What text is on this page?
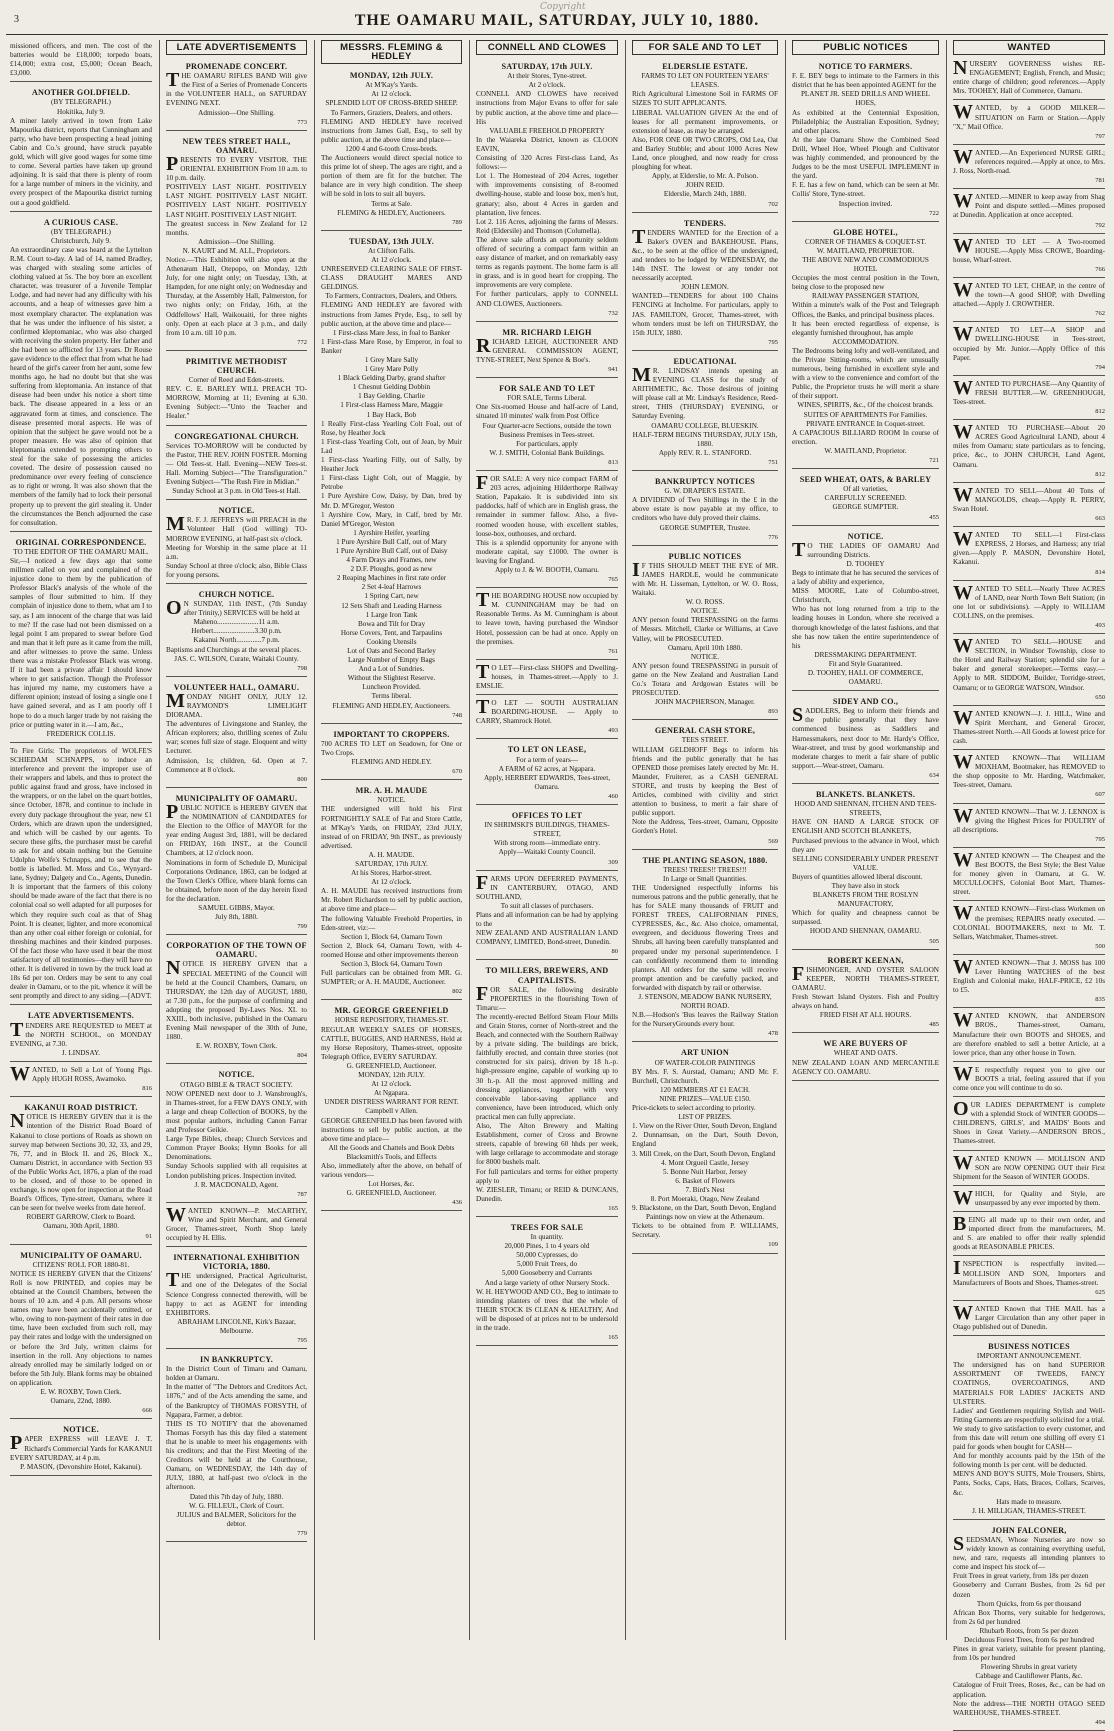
3
Copyright
THE OAMARU MAIL, SATURDAY, JULY 10, 1880.

missioned officers, and men. The cost of the batteries would be £18,000; torpedo boats, £14,000; extra cost, £5,000; Ocean Beach, £3,000.

ANOTHER GOLDFIELD.

(BY TELEGRAPH.)

Hokitika, July 9.

A miner lately arrived in town from Lake Mapourika district, reports that Cunningham and party, who have been prospecting a head joining Cabin and Co.'s ground, have struck payable gold, which will give good wages for some time to come. Several parties have taken up ground adjoining. It is said that there is plenty of room for a large number of miners in the vicinity, and every prospect of the Mapourika district turning out a good goldfield.

A CURIOUS CASE.

(BY TELEGRAPH.)

Christchurch, July 9.

An extraordinary case was heard at the Lyttelton R.M. Court to-day. A lad of 14, named Bradley, was charged with stealing some articles of clothing valued at 5s. The boy bore an excellent character, was treasurer of a Juvenile Templar Lodge, and had never had any difficulty with his accounts, and a heap of witnesses gave him a most exemplary character. The explanation was that he was under the influence of his sister, a confirmed kleptomaniac, who was also charged with receiving the stolen property. Her father and she had been so afflicted for 13 years. Dr Rouse gave evidence to the effect that from what he had heard of the girl's career from her aunt, some few months ago, he had no doubt but that she was suffering from kleptomania. An instance of that disease had been under his notice a short time back. The disease appeared in a less or an aggravated form at times, and conscience. The disease presented moral aspects. He was of opinion that the subject he gave would not be a proper measure. He was also of opinion that kleptomania extended to prompting others to steal for the sake of possessing the articles coveted. The desire of possession caused no predominance over every feeling of conscience as to right or wrong. It was also shown that the members of the family had to lock their personal property up to prevent the girl stealing it. Under the circumstances the Bench adjourned the case for consultation.

ORIGINAL CORRESPONDENCE.

TO THE EDITOR OF THE OAMARU MAIL.

Sir,—I noticed a few days ago that some millmen called on you and complained of the injustice done to them by the publication of Professor Black's analysis of the whole of the samples of flour submitted to him. If they complain of injustice done to them, what am I to say, as I am innocent of the charge that was laid to me? If the case had not been dismissed on a legal point I am prepared to swear before God and man that it left pure as it came from the mill, and after witnesses to prove the same. Unless there was a mistake Professor Black was wrong. If it had been a private affair I should know where to get satisfaction. Though the Professor has injured my name, my customers have a different opinion; instead of losing a single one I have gained several, and as I am poorly off I hope to do a much larger trade by not raising the price or putting water in it.—I am, &c.,

FREDERICK COLLIS.

To Fire Girls: The proprietors of WOLFE'S SCHIEDAM SCHNAPPS, to induce an interference and prevent the improper use of their wrappers and labels, and thus to protect the public against fraud and gross, have inclosed in the wrappers, or on the label on the quart bottles, since October, 1878, and continue to include in every duty package throughout the year, new £1 Orders, which are drawn upon the undersigned, and which will be cashed by our agents. To secure these gifts, the purchaser must be careful to ask for and obtain nothing but the Genuine Udolpho Wolfe's Schnapps, and to see that the bottle is labelled. M. Moss and Co., Wynyard-lane, Sydney; Dalgety and Co., Agents, Dunedin. It is important that the farmers of this colony should be made aware of the fact that there is no colonial coal so well adapted for all purposes for which they require such coal as that of Shag Point. It is cleaner, lighter, and more economical than any other coal either foreign or colonial, for threshing machines and their kindred purposes. Of the fact those who have used it bear the most satisfactory of all testimonies—they will have no other. It is delivered in town by the truck load at 18s 6d per ton. Orders may be sent to any coal dealer in Oamaru, or to the pit, whence it will be sent promptly and direct to any siding.—[ADVT.

LATE ADVERTISEMENTS.

TENDERS ARE REQUESTED to MEET at the NORTH SCHOOL, on MONDAY EVENING, at 7.30.

J. LINDSAY.

WANTED, to Sell a Lot of Young Pigs. Apply HUGH ROSS, Awamoko.

816
KAKANUI ROAD DISTRICT.

NOTICE IS HEREBY GIVEN that it is the intention of the District Road Board of Kakanui to close portions of Roads as shown on survey map between Sections 30, 32, 33, and 29, 76, 77, and in Block II. and 26, Block X., Oamaru District, in accordance with Section 93 of the Public Works Act, 1876, a plan of the road to be closed, and of those to be opened in exchange, is now open for inspection at the Road Board's Offices, Tyne-street, Oamaru, where it can be seen for twelve weeks from date hereof.

ROBERT GARROW, Clerk to Board.

Oamaru, 30th April, 1880.

91
MUNICIPALITY OF OAMARU.

CITIZENS' ROLL FOR 1880-81.

NOTICE IS HEREBY GIVEN that the Citizens' Roll is now PRINTED, and copies may be obtained at the Council Chambers, between the hours of 10 a.m. and 4 p.m. All persons whose names may have been accidentally omitted, or who, owing to non-payment of their rates in due time, have been excluded from such roll, may pay their rates and lodge with the undersigned on or before the 3rd July, written claims for insertion in the roll. Any objections to names already enrolled may be similarly lodged on or before the 5th July. Blank forms may be obtained on application.

E. W. ROXBY, Town Clerk.

Oamaru, 22nd, 1880.

666
NOTICE.

PAPER EXPRESS will LEAVE J. T. Richard's Commercial Yards for KAKANUI EVERY SATURDAY, at 4 p.m.

P. MASON, (Devonshire Hotel, Kakanui).

LATE ADVERTISEMENTS
PROMENADE CONCERT.

THE OAMARU RIFLES BAND Will give the First of a Series of Promenade Concerts in the VOLUNTEER HALL, on SATURDAY EVENING NEXT.

Admission—One Shilling.

773
NEW TEES STREET HALL, OAMARU.

PRESENTS TO EVERY VISITOR. THE ORIENTAL EXHIBITION From 10 a.m. to 10 p.m. daily.

POSITIVELY LAST NIGHT. POSITIVELY LAST NIGHT. POSITIVELY LAST NIGHT. POSITIVELY LAST NIGHT. POSITIVELY LAST NIGHT. POSITIVELY LAST NIGHT.

The greatest success in New Zealand for 12 months.

Admission—One Shilling.

N. KAURT and M. ALL, Proprietors.

Notice.—This Exhibition will also open at the Athenæum Hall, Otepopo, on Monday, 12th July, for one night only; on Tuesday, 13th, at Hampden, for one night only; on Wednesday and Thursday, at the Assembly Hall, Palmerston, for two nights only; on Friday, 16th, at the Oddfellows' Hall, Waikouaiti, for three nights only. Open at each place at 3 p.m., and daily from 10 a.m. till 10 p.m.

772
PRIMITIVE METHODIST CHURCH.

Corner of Reed and Eden-streets.

REV. C. E. BARLEY WILL PREACH TO-MORROW, Morning at 11; Evening at 6.30. Evening Subject:—"Unto the Teacher and Healer."

CONGREGATIONAL CHURCH.

Services TO-MORROW will be conducted by the Pastor, THE REV. JOHN FOSTER. Morning — Old Tees-st. Hall. Evening—NEW Tees-st. Hall. Morning Subject—"The Transfiguration." Evening Subject—"The Rush Fire in Midian."

Sunday School at 3 p.m. in Old Tees-st Hall.

NOTICE.

MR. F. J. JEFFREYS will PREACH in the Volunteer Hall (God willing) TO-MORROW EVENING, at half-past six o'clock.

Meeting for Worship in the same place at 11 a.m.

Sunday School at three o'clock; also, Bible Class for young persons.

CHURCH NOTICE.

ON SUNDAY, 11th INST., (7th Sunday after Trinity,) SERVICES will be held at

Maheno.......................11 a.m.

Herbert.......................3.30 p.m.

Kakanui North..............7 p.m.

Baptisms and Churchings at the several places.

JAS. C. WILSON, Curate, Waitaki County.

798
VOLUNTEER HALL, OAMARU.

MONDAY NIGHT ONLY, JULY 12. RAYMOND'S LIMELIGHT DIORAMA.

The adventures of Livingstone and Stanley, the African explorers; also, thrilling scenes of Zulu war; scenes full size of stage. Eloquent and witty Lecturer.

Admission, 1s; children, 6d. Open at 7. Commence at 8 o'clock.

800
MUNICIPALITY OF OAMARU.

PUBLIC NOTICE is HEREBY GIVEN that the NOMINATION of CANDIDATES for the Election to the Office of MAYOR for the year ending August 3rd, 1881, will be declared on FRIDAY, 16th INST., at the Council Chambers, at 12 o'clock noon.

Nominations in form of Schedule D, Municipal Corporations Ordinance, 1863, can be lodged at the Town Clerk's Office, where blank forms can be obtained, before noon of the day herein fixed for the declaration.

SAMUEL GIBBS, Mayor.

July 8th, 1880.

799
CORPORATION OF THE TOWN OF OAMARU.

NOTICE IS HEREBY GIVEN that a SPECIAL MEETING of the Council will be held at the Council Chambers, Oamaru, on THURSDAY, the 12th day of AUGUST, 1880, at 7.30 p.m., for the purpose of confirming and adopting the proposed By-Laws Nos. XI. to XXIII., both inclusive, published in the Oamaru Evening Mail newspaper of the 30th of June, 1880.

E. W. ROXBY, Town Clerk.

804
NOTICE.

OTAGO BIBLE & TRACT SOCIETY.

NOW OPENED next door to J. Wansbrough's, in Thames-street, for a FEW DAYS ONLY, with a large and cheap Collection of BOOKS, by the most popular authors, including Canon Farrar and Professor Geikie.

Large Type Bibles, cheap; Church Services and Common Prayer Books; Hymn Books for all Denominations.

Sunday Schools supplied with all requisites at London publishing prices. Inspection invited.

J. R. MACDONALD, Agent.

787

WANTED KNOWN—P. McCARTHY, Wine and Spirit Merchant, and General Grocer, Thames-street, North Shop lately occupied by H. Ellis.

INTERNATIONAL EXHIBITION VICTORIA, 1880.

THE undersigned, Practical Agriculturist, and one of the Delegates of the Social Science Congress connected therewith, will be happy to act as AGENT for intending EXHIBITORS.

ABRAHAM LINCOLNE, Kirk's Bazaar, Melbourne.

795
IN BANKRUPTCY.

In the District Court of Timaru and Oamaru, holden at Oamaru.

In the matter of "The Debtors and Creditors Act, 1876," and of the Acts amending the same, and of the Bankruptcy of THOMAS FORSYTH, of Ngapara, Farmer, a debtor.

THIS IS TO NOTIFY that the abovenamed Thomas Forsyth has this day filed a statement that he is unable to meet his engagements with his creditors; and that the First Meeting of the Creditors will be held at the Courthouse, Oamaru, on WEDNESDAY, the 14th day of JULY, 1880, at half-past two o'clock in the afternoon.

Dated this 7th day of July, 1880.

W. G. FILLEUL, Clerk of Court.

JULIUS and BALMER, Solicitors for the debtor.

779
MESSRS. FLEMING & HEDLEY
MONDAY, 12th JULY.

At M'Kay's Yards.

At 12 o'clock.

SPLENDID LOT OF CROSS-BRED SHEEP.

To Farmers, Graziers, Dealers, and others.

FLEMING AND HEDLEY have received instructions from James Gall, Esq., to sell by public auction, at the above time and place—

1200 4 and 6-tooth Cross-breds.

The Auctioneers would direct special notice to this prime lot of sheep. The ages are right, and a portion of them are fit for the butcher. The balance are in very high condition. The sheep will be sold in lots to suit all buyers.

Terms at Sale.

FLEMING & HEDLEY, Auctioneers.

789
TUESDAY, 13th JULY.

At Clifton Falls.

At 12 o'clock.

UNRESERVED CLEARING SALE OF FIRST-CLASS DRAUGHT MARES AND GELDINGS.

To Farmers, Contractors, Dealers, and Others.

FLEMING AND HEDLEY are favored with instructions from James Pryde, Esq., to sell by public auction, at the above time and place—

1 First-class Mare Jess, in foal to Banker

1 First-class Mare Rose, by Emperor, in foal to Banker

1 Grey Mare Sally

1 Grey Mare Polly

1 Black Gelding Darby, grand shafter

1 Chesnut Gelding Dobbin

1 Bay Gelding, Charlie

1 First-class Harness Mare, Maggie

1 Bay Hack, Bob

1 Really First-class Yearling Colt Foal, out of Rose, by Heather Jock

1 First-class Yearling Colt, out of Jean, by Muir Lad

1 First-class Yearling Filly, out of Sally, by Heather Jock

1 First-class Light Colt, out of Maggie, by Petrobe

1 Pure Ayrshire Cow, Daisy, by Dan, bred by Mr. D. M'Gregor, Weston

1 Ayrshire Cow, Mary, in Calf, bred by Mr. Daniel M'Gregor, Weston

1 Ayrshire Heifer, yearling

1 Pure Ayrshire Bull Calf, out of Mary

1 Pure Ayrshire Bull Calf, out of Daisy

4 Farm Drays and Frames, new

2 D.F. Ploughs, good as new

2 Reaping Machines in first rate order

2 Set 4-leaf Harrows

1 Spring Cart, new

12 Sets Shaft and Leading Harness

1 Large Iron Tank

Bowa and Tilt for Dray

Horse Covers, Tent, and Tarpaulins

Cooking Utensils

Lot of Oats and Second Barley

Large Number of Empty Bags

And a Lot of Sundries.

Without the Slightest Reserve.

Luncheon Provided.

Terms liberal.

FLEMING AND HEDLEY, Auctioneers.

748
IMPORTANT TO CROPPERS.

700 ACRES TO LET on Seadown, for One or Two Crops.

FLEMING AND HEDLEY.

670
MR. A. H. MAUDE

NOTICE.

THE undersigned will hold his First FORTNIGHTLY SALE of Fat and Store Cattle, at M'Kay's Yards, on FRIDAY, 23rd JULY, instead of on FRIDAY, 9th INST., as previously advertised.

A. H. MAUDE.

SATURDAY, 17th JULY.

At his Stores, Harbor-street.

At 12 o'clock.

A. H. MAUDE has received instructions from Mr. Robert Richardson to sell by public auction, at above time and place—

The following Valuable Freehold Properties, in Eden-street, viz:—

Section 1, Block 64, Oamaru Town

Section 2, Block 64, Oamaru Town, with 4-roomed House and other improvements thereon

Section 3, Block 64, Oamaru Town

Full particulars can be obtained from MR. G. SUMPTER; or A. H. MAUDE, Auctioneer.

802
MR. GEORGE GREENFIELD

HORSE REPOSITORY, THAMES-ST.

REGULAR WEEKLY SALES OF HORSES, CATTLE, BUGGIES, AND HARNESS, Held at my Horse Repository, Thames-street, opposite Telegraph Office, EVERY SATURDAY.

G. GREENFIELD, Auctioneer.

MONDAY, 12th JULY.

At 12 o'clock.

At Ngapara.

UNDER DISTRESS WARRANT FOR RENT.

Campbell v Allen.

GEORGE GREENFIELD has been favored with instructions to sell by public auction, at the above time and place—

All the Goods and Chattels and Book Debts

Blacksmith's Tools, and Effects

Also, immediately after the above, on behalf of various vendors—

Lot Horses, &c.

G. GREENFIELD, Auctioneer.

436
CONNELL AND CLOWES
SATURDAY, 17th JULY.

At their Stores, Tyne-street.

At 2 o'clock.

CONNELL AND CLOWES have received instructions from Major Evans to offer for sale by public auction, at the above time and place—His

VALUABLE FREEHOLD PROPERTY

In the Waiareka District, known as CLOON EAVIN,

Consisting of 320 Acres First-class Land, As follows:—

Lot 1. The Homestead of 204 Acres, together with improvements consisting of 8-roomed dwelling-house, stable and loose box, men's hut, granary; also, about 4 Acres in garden and plantation, live fences.

Lot 2. 116 Acres, adjoining the farms of Messrs. Reid (Eldersile) and Thomson (Columella).

The above sale affords an opportunity seldom offered of securing a compact farm within an easy distance of market, and on remarkably easy terms as regards payment. The home farm is all in grass, and is in good heart for cropping. The improvements are very complete.

For further particulars, apply to CONNELL AND CLOWES, Auctioneers.

732
MR. RICHARD LEIGH

RICHARD LEIGH, AUCTIONEER AND GENERAL COMMISSION AGENT, TYNE-STREET, Next Spence & Boe's.

941
FOR SALE AND TO LET

FOR SALE, Terms Liberal.

One Six-roomed House and half-acre of Land, situated 10 minutes' walk from Post Office

Four Quarter-acre Sections, outside the town

Business Premises in Tees-street.

For particulars, apply

W. J. SMITH, Colonial Bank Buildings.

813

FOR SALE: A very nice compact FARM of 203 acres, adjoining Hilderthorpe Railway Station, Papakaio. It is subdivided into six paddocks, half of which are in English grass, the remainder in summer fallow. Also, a five-roomed wooden house, with excellent stables, loose-box, outhouses, and orchard.

This is a splendid opportunity for anyone with moderate capital, say £1000. The owner is leaving for England.

Apply to J. & W. BOOTH, Oamaru.

765

THE BOARDING HOUSE now occupied by M. CUNNINGHAM may be had on Reasonable Terms. As M. Cunningham is about to leave town, having purchased the Windsor Hotel, possession can be had at once. Apply on the premises.

761

TO LET—First-class SHOPS and Dwelling-houses, in Thames-street.—Apply to J. EMSLIE.

TO LET — SOUTH AUSTRALIAN BOARDING-HOUSE. — Apply to CARRY, Shamrock Hotel.

493
TO LET ON LEASE,

For a term of years—

A FARM of 62 acres, at Ngapara.

Apply, HERBERT EDWARDS, Tees-street, Oamaru.

460
OFFICES TO LET

IN SHRIMSKI'S BUILDINGS, THAMES-STREET,

With strong room—immediate entry.

Apply—Waitaki County Council.

309

FARMS UPON DEFERRED PAYMENTS, IN CANTERBURY, OTAGO, AND SOUTHLAND,

To suit all classes of purchasers.

Plans and all information can be had by applying to the

NEW ZEALAND AND AUSTRALIAN LAND COMPANY, LIMITED, Bond-street, Dunedin.

80
TO MILLERS, BREWERS, AND CAPITALISTS.

FOR SALE, the following desirable PROPERTIES in the flourishing Town of Timaru:—

The recently-erected Belford Steam Flour Mills and Grain Stores, corner of North-street and the Beach, and connected with the Southern Railway by a private siding. The buildings are brick, faithfully erected, and contain three stories (not constructed for six pairs), driven by 18 h.-p. high-pressure engine, capable of working up to 30 h.-p. All the most approved milling and dressing appliances, together with very conceivable labor-saving appliance and convenience, have been introduced, which only practical men can fully appreciate.

Also, The Alton Brewery and Malting Establishment, corner of Cross and Browne streets, capable of brewing 60 hhds per week, with large cellarage to accommodate and storage for 8000 bushels malt.

For full particulars and terms for either property apply to

W. ZIESLER, Timaru; or REID & DUNCANS, Dunedin.

165
TREES FOR SALE

In quantity.

20,000 Pines, 1 to 4 years old

50,000 Cypresses, do

5,000 Fruit Trees, do

5,000 Gooseberry and Currants

And a large variety of other Nursery Stock.

W. H. HEYWOOD AND CO., Beg to intimate to intending planters of trees that the whole of THEIR STOCK IS CLEAN & HEALTHY, And will be disposed of at prices not to be undersold in the trade.

165
FOR SALE AND TO LET
ELDERSLIE ESTATE.

FARMS TO LET ON FOURTEEN YEARS' LEASES.

Rich Agricultural Limestone Soil in FARMS OF SIZES TO SUIT APPLICANTS.

LIBERAL VALUATION GIVEN At the end of leases for all permanent improvements, or extension of lease, as may be arranged.

Also, FOR ONE OR TWO CROPS, Old Lea, Oat and Barley Stubble; and about 1000 Acres New Land, once ploughed, and now ready for cross ploughing for wheat.

Apply, at Elderslie, to Mr. A. Polson.

JOHN REID.

Elderslie, March 24th, 1880.

702
TENDERS.

TENDERS WANTED for the Erection of a Baker's OVEN and BAKEHOUSE. Plans, &c., to be seen at the office of the undersigned, and tenders to be lodged by WEDNESDAY, the 14th INST. The lowest or any tender not necessarily accepted.

JOHN LEMON.

WANTED—TENDERS for about 100 Chains FENCING at Incholme. For particulars, apply to JAS. FAMILTON, Grocer, Thames-street, with whom tenders must be left on THURSDAY, the 15th JULY, 1880.

795
EDUCATIONAL

MR. LINDSAY intends opening an EVENING CLASS for the study of ARITHMETIC, &c. Those desirous of joining will please call at Mr. Lindsay's Residence, Reed-street, THIS (THURSDAY) EVENING, or Saturday Evening.

OAMARU COLLEGE, BLUESKIN.

HALF-TERM BEGINS THURSDAY, JULY 15th, 1880.

Apply REV. R. L. STANFORD.

751
BANKRUPTCY NOTICES

G. W. DRAPER'S ESTATE.

A DIVIDEND of Two Shillings in the £ in the above estate is now payable at my office, to creditors who have duly proved their claims.

GEORGE SUMPTER, Trustee.

776
PUBLIC NOTICES

IF THIS SHOULD MEET THE EYE of MR. JAMES HARDLE, would he communicate with Mr. H. Lisseman, Lyttelton, or W. O. Ross, Waitaki.

W. O. ROSS.

NOTICE.

ANY person found TRESPASSING on the farms of Messrs. Mitchell, Clarke or Williams, at Cave Valley, will be PROSECUTED.

Oamaru, April 10th 1880.

NOTICE.

ANY person found TRESPASSING in pursuit of game on the New Zealand and Australian Land Co.'s Totara and Ardgowan Estates will be PROSECUTED.

JOHN MACPHERSON, Manager.

893
GENERAL CASH STORE,

TEES STREET.

WILLIAM GELDHOFF Begs to inform his friends and the public generally that he has OPENED those premises lately erected by Mr. H. Maunder, Fruiterer, as a CASH GENERAL STORE, and trusts by keeping the Best of Articles, combined with civility and strict attention to business, to merit a fair share of public support.

Note the Address, Tees-street, Oamaru, Opposite Gorden's Hotel.

569
THE PLANTING SEASON, 1880.

TREES! TREES!! TREES!!!

In Large or Small Quantities.

THE Undersigned respectfully informs his numerous patrons and the public generally, that he has for SALE many thousands of FRUIT and FOREST TREES, CALIFORNIAN PINES, CYPRESSES, &c., &c. Also choice, ornamental, evergreen, and deciduous flowering Trees and Shrubs, all having been carefully transplanted and prepared under my personal superintendence. I can confidently recommend them to intending planters. All orders for the same will receive prompt attention and be carefully packed, and forwarded with dispatch by rail or otherwise.

J. STENSON, MEADOW BANK NURSERY, NORTH ROAD.

N.B.—Hodson's 'Bus leaves the Railway Station for the NurseryGrounds every hour.

478
ART UNION

OF WATER-COLOR PAINTINGS

BY Mrs. F. S. Aurstad, Oamaru; AND Mr. F. Burchell, Christchurch.

120 MEMBERS AT £1 EACH.

NINE PRIZES—VALUE £150.

Price-tickets to select according to priority.

LIST OF PRIZES.

1. View on the River Otter, South Devon, England

2. Dunnamsan, on the Dart, South Devon, England

3. Mill Creek, on the Dart, South Devon, England

4. Mont Orgueil Castle, Jersey

5. Bonne Nuit Harbor, Jersey

6. Basket of Flowers

7. Bird's Nest

8. Port Moeraki, Otago, New Zealand

9. Blackstone, on the Dart, South Devon, England

Paintings now on view at the Athenæum.

Tickets to be obtained from P. WILLIAMS, Secretary.

109
PUBLIC NOTICES
NOTICE TO FARMERS.

F. E. BEY begs to intimate to the Farmers in this district that he has been appointed AGENT for the

PLANET JR. SEED DRILLS AND WHEEL HOES,

As exhibited at the Centennial Exposition, Philadelphia; the Australian Exposition, Sydney; and other places.

At the late Oamaru Show the Combined Seed Drill, Wheel Hoe, Wheel Plough and Cultivator was highly commended, and pronounced by the Judges to be the most USEFUL IMPLEMENT in the yard.

F. E. has a few on hand, which can be seen at Mr. Collis' Store, Tyne-street.

Inspection invited.

722
GLOBE HOTEL,

CORNER OF THAMES & COQUET-ST.

W. MAITLAND, PROPRIETOR.

THE ABOVE NEW AND COMMODIOUS HOTEL

Occupies the most central position in the Town, being close to the proposed new

RAILWAY PASSENGER STATION,

Within a minute's walk of the Post and Telegraph Offices, the Banks, and principal business places.

It has been erected regardless of expense, is elegantly furnished throughout, has ample

ACCOMMODATION.

The Bedrooms being lofty and well-ventilated, and the Private Sitting-rooms, which are unusually numerous, being furnished in excellent style and with a view to the convenience and comfort of the Public, the Proprietor trusts he will merit a share of their support.

WINES, SPIRITS, &c., Of the choicest brands.

SUITES OF APARTMENTS For Families.

PRIVATE ENTRANCE In Coquet-street.

A CAPACIOUS BILLIARD ROOM In course of erection.

W. MAITLAND, Proprietor.

721
SEED WHEAT, OATS, & BARLEY

Of all varieties,

CAREFULLY SCREENED.

GEORGE SUMPTER.

455
NOTICE.

TO THE LADIES OF OAMARU And surrounding Districts.

D. TOOHEY

Begs to intimate that he has secured the services of a lady of ability and experience,

MISS MOORE, Late of Columbo-street, Christchurch,

Who has not long returned from a trip to the leading houses in London, where she received a thorough knowledge of the latest fashions, and that she has now taken the entire superintendence of his

DRESSMAKING DEPARTMENT.

Fit and Style Guaranteed.

D. TOOHEY, HALL OF COMMERCE, OAMARU.

SIDEY AND CO.,

SADDLERS, Beg to inform their friends and the public generally that they have commenced business as Saddlers and Harnessmakers, next door to Mr. Hardy's Office, Wear-street, and trust by good workmanship and moderate charges to merit a fair share of public support.—Wear-street, Oamaru.

634
BLANKETS. BLANKETS.

HOOD AND SHENNAN, ITCHEN AND TEES-STREETS,

HAVE ON HAND A LARGE STOCK OF ENGLISH AND SCOTCH BLANKETS,

Purchased previous to the advance in Wool, which they are

SELLING CONSIDERABLY UNDER PRESENT VALUE.

Buyers of quantities allowed liberal discount.

They have also in stock

BLANKETS FROM THE ROSLYN MANUFACTORY,

Which for quality and cheapness cannot be surpassed.

HOOD AND SHENNAN, OAMARU.

505
ROBERT KEENAN,

FISHMONGER, AND OYSTER SALOON KEEPER, NORTH THAMES-STREET, OAMARU.

Fresh Stewart Island Oysters. Fish and Poultry always on hand.

FRIED FISH AT ALL HOURS.

485
WE ARE BUYERS OF

WHEAT AND OATS.

NEW ZEALAND LOAN AND MERCANTILE AGENCY CO. OAMARU.

WANTED

NURSERY GOVERNESS wishes RE-ENGAGEMENT; English, French, and Music; entire charge of children; good references.—Apply Mrs. TOOHEY, Hall of Commerce, Oamaru.

WANTED, by a GOOD MILKER—SITUATION on Farm or Station.—Apply "X," Mail Office.

797

WANTED.—An Experienced NURSE GIRL; references required.—Apply at once, to Mrs. J. Ross, North-road.

781

WANTED.—MINER to keep away from Shag Point and dispute settled.—Mines proposed at Dunedin. Application at once accepted.

792

WANTED TO LET — A Two-roomed HOUSE.—Apply Miss CROWE, Boarding-house, Wharf-street.

766

WANTED TO LET, CHEAP, in the centre of the town—A good SHOP, with Dwelling attached.—Apply J. CROWTHER.

762

WANTED TO LET—A SHOP and DWELLING-HOUSE in Tees-street, occupied by Mr. Junior.—Apply Office of this Paper.

794

WANTED TO PURCHASE—Any Quantity of FRESH BUTTER.—W. GREENHOUGH, Tees-street.

812

WANTED TO PURCHASE—About 20 ACRES Good Agricultural LAND, about 4 miles from Oamaru; state particulars as to fencing, price, &c., to JOHN CHURCH, Land Agent, Oamaru.

812

WANTED TO SELL—About 40 Tons of MANGOLDS, cheap.—Apply R. PERRY, Swan Hotel.

663

WANTED TO SELL—1 First-class EXPRESS, 2 Horses, and Harness; any trial given.—Apply P. MASON, Devonshire Hotel, Kakanui.

814

WANTED TO SELL—Nearly Three ACRES of LAND, near North Town Belt Station; (in one lot or subdivisions). —Apply to WILLIAM COLLINS, on the premises.

493

WANTED TO SELL—HOUSE and SECTION, in Windsor Township, close to the Hotel and Railway Station; splendid site for a baker and general storekeeper.—Terms easy.—Apply to MR. SIDDOM, Builder, Torridge-street, Oamaru; or to GEORGE WATSON, Windsor.

650

WANTED KNOWN—J. J. HILL, Wine and Spirit Merchant, and General Grocer, Thames-street North.—All Goods at lowest price for cash.

WANTED KNOWN—That WILLIAM MOXHAM, Bootmaker, has REMOVED to the shop opposite to Mr. Harding, Watchmaker, Tees-street, Oamaru.

607

WANTED KNOWN—That W. J. LENNOX is giving the Highest Prices for POULTRY of all descriptions.

795

WANTED KNOWN — The Cheapest and the Best BOOTS, the Best Style; the Best Value for money given in Oamaru, at G. W. MCCULLOCH'S, Colonial Boot Mart, Thames-street.

WANTED KNOWN—First-class Workmen on the premises; REPAIRS neatly executed. — COLONIAL BOOTMAKERS, next to Mr. T. Sellars, Watchmaker, Thames-street.

500

WANTED KNOWN—That J. MOSS has 100 Lever Hunting WATCHES of the best English and Colonial make, HALF-PRICE, £2 10s to £5.

835

WANTED KNOWN, that ANDERSON BROS., Thames-street, Oamaru, Manufacture their own BOOTS and SHOES, and are therefore enabled to sell a better Article, at a lower price, than any other house in Town.

WE respectfully request you to give our BOOTS a trial, feeling assured that if you come once you will continue to do so.

OUR LADIES DEPARTMENT is complete with a splendid Stock of WINTER GOODS—CHILDREN'S, GIRLS', and MAIDS' Boots and Shoes in Great Variety.—ANDERSON BROS., Thames-street.

WANTED KNOWN — MOLLISON AND SON are NOW OPENING OUT their First Shipment for the Season of WINTER GOODS.

WHICH, for Quality and Style, are unsurpassed by any ever imported by them.

BEING all made up to their own order, and imported direct from the manufacturers, M. and S. are enabled to offer their really splendid goods at REASONABLE PRICES.

INSPECTION is respectfully invited.—MOLLISON AND SON, Importers and Manufacturers of Boots and Shoes, Thames-street.

625

WANTED Known that THE MAIL has a Larger Circulation than any other paper in Otago published out of Dunedin.

BUSINESS NOTICES

IMPORTANT ANNOUNCEMENT.

The undersigned has on hand SUPERIOR ASSORTMENT OF TWEEDS, FANCY COATINGS, OVERCOATINGS, AND MATERIALS FOR LADIES' JACKETS AND ULSTERS.

Ladies' and Gentlemen requiring Stylish and Well-Fitting Garments are respectfully solicited for a trial.

We study to give satisfaction to every customer, and from this date will return one shilling off every £1 paid for goods when bought for CASH—

And for monthly accounts paid by the 15th of the following month 1s per cent. will be deducted.

MEN'S AND BOY'S SUITS, Mole Trousers, Shirts, Pants, Socks, Caps, Hats, Braces, Collars, Scarves, &c.

Hats made to measure.

J. H. MILLIGAN, THAMES-STREET.

JOHN FALCONER,

SEEDSMAN, Whose Nurseries are now so widely known as containing everything useful, new, and rare, requests all intending planters to come and inspect his stock of—

Fruit Trees in great variety, from 18s per dozen

Gooseberry and Currant Bushes, from 2s 6d per dozen

Thorn Quicks, from 6s per thousand

African Box Thorns, very suitable for hedgerows, from 2s 6d per hundred

Rhubarb Roots, from 5s per dozen

Deciduous Forest Trees, from 6s per hundred

Pines in great variety, suitable for present planting, from 10s per hundred

Flowering Shrubs in great variety

Cabbage and Cauliflower Plants, &c.

Catalogue of Fruit Trees, Roses, &c., can be had on application.

Note the address—THE NORTH OTAGO SEED WAREHOUSE, THAMES-STREET.

494
